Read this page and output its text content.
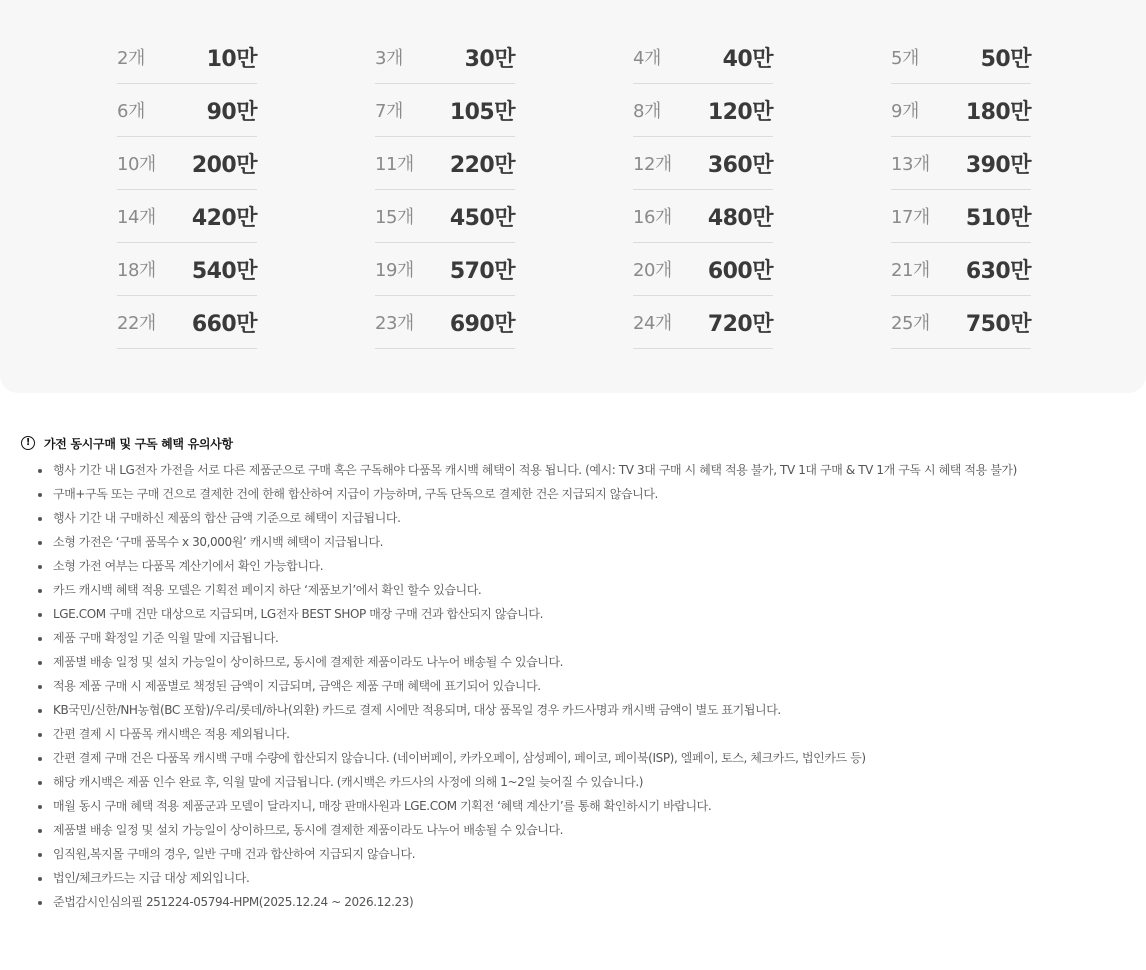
2개	10만	3개	30만	4개	40만	5개	50만
6개	90만	7개 105만	8개 120만	9개 180만
10개 200만	11개 220만	12개 360만	13개 390만
14개 420만	15개 450만	16개 480만	17개 510만
18개 540만	19개 570만	20개 600만	21개 630만
22개 660만	23개 690만	24개 720만	25개 750만
!	가전 동시구매 및 구독 혜택 유의사항
행사 기간 내 LG전자 가전을 서로 다른 제품군으로 구매 혹은 구독해야 다품목 캐시백 혜택이 적용 됩니다. (예시: TV 3대 구매 시 혜택 적용 불가, TV 1대 구매 & TV 1개 구독 시 혜택 적용 불가)
구매+구독 또는 구매 건으로 결제한 건에 한해 합산하여 지급이 가능하며, 구독 단독으로 결제한 건은 지급되지 않습니다.
행사 기간 내 구매하신 제품의 합산 금액 기준으로 혜택이 지급됩니다.
소형 가전은 ‘구매 품목수 x 30,000원’ 캐시백 혜택이 지급됩니다.
소형 가전 여부는 다품목 계산기에서 확인 가능합니다.
카드 캐시백 혜택 적용 모델은 기획전 페이지 하단 ‘제품보기’에서 확인 할수 있습니다.
LGE.COM 구매 건만 대상으로 지급되며, LG전자 BEST SHOP 매장 구매 건과 합산되지 않습니다.
제품 구매 확정일 기준 익월 말에 지급됩니다.
제품별 배송 일정 및 설치 가능일이 상이하므로, 동시에 결제한 제품이라도 나누어 배송될 수 있습니다.
적용 제품 구매 시 제품별로 책정된 금액이 지급되며, 금액은 제품 구매 혜택에 표기되어 있습니다.
KB국민/신한/NH농협(BC 포함)/우리/롯데/하나(외환) 카드로 결제 시에만 적용되며, 대상 품목일 경우 카드사명과 캐시백 금액이 별도 표기됩니다.
간편 결제 시 다품목 캐시백은 적용 제외됩니다.
간편 결제 구매 건은 다품목 캐시백 구매 수량에 합산되지 않습니다. (네이버페이, 카카오페이, 삼성페이, 페이코, 페이북(ISP), 엘페이, 토스, 체크카드, 법인카드 등)
해당 캐시백은 제품 인수 완료 후, 익월 말에 지급됩니다. (캐시백은 카드사의 사정에 의해 1~2일 늦어질 수 있습니다.)
매월 동시 구매 혜택 적용 제품군과 모델이 달라지니, 매장 판매사원과 LGE.COM 기획전 ‘혜택 계산기’를 통해 확인하시기 바랍니다.
제품별 배송 일정 및 설치 가능일이 상이하므로, 동시에 결제한 제품이라도 나누어 배송될 수 있습니다.
임직원,복지몰 구매의 경우, 일반 구매 건과 합산하여 지급되지 않습니다.
법인/체크카드는 지급 대상 제외입니다.
준법감시인심의필 251224-05794-HPM(2025.12.24 ~ 2026.12.23)
